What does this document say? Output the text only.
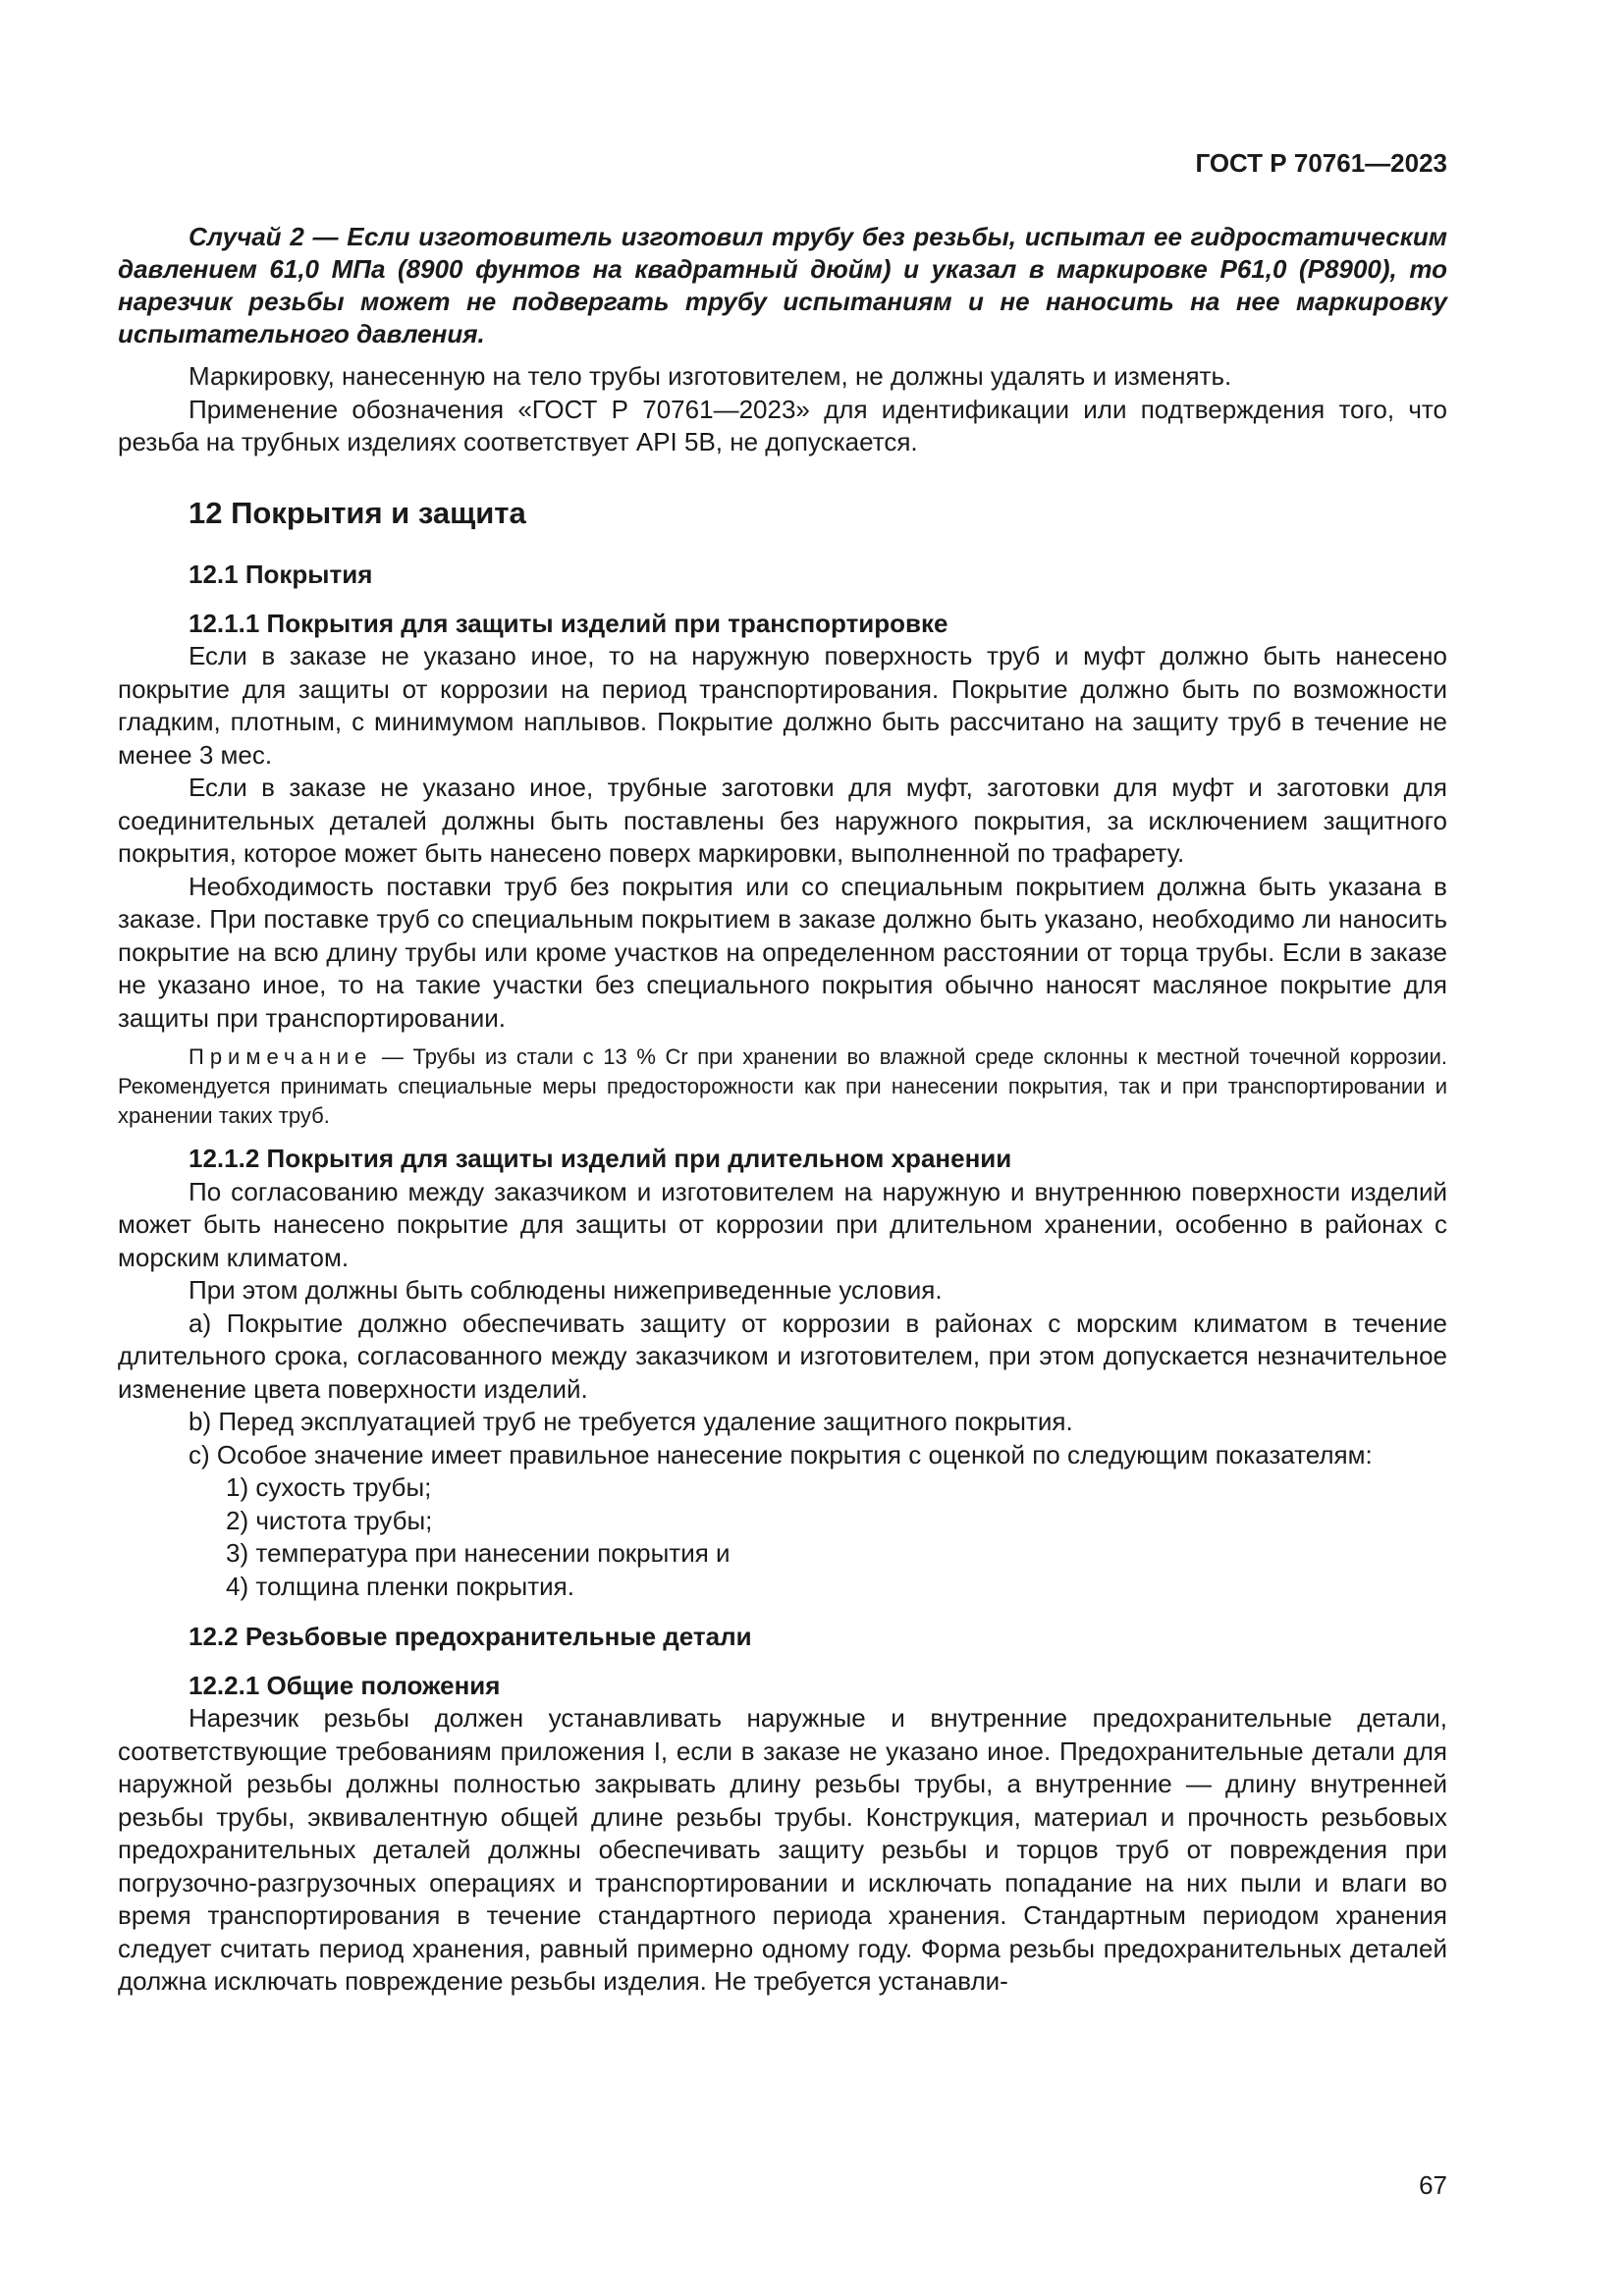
ГОСТ Р 70761—2023

Случай 2 — Если изготовитель изготовил трубу без резьбы, испытал ее гидростатическим давлением 61,0 МПа (8900 фунтов на квадратный дюйм) и указал в маркировке Р61,0 (P8900), то нарезчик резьбы может не подвергать трубу испытаниям и не наносить на нее маркировку испытательного давления.

Маркировку, нанесенную на тело трубы изготовителем, не должны удалять и изменять.

Применение обозначения «ГОСТ Р 70761—2023» для идентификации или подтверждения того, что резьба на трубных изделиях соответствует API 5B, не допускается.

12 Покрытия и защита
12.1 Покрытия
12.1.1 Покрытия для защиты изделий при транспортировке

Если в заказе не указано иное, то на наружную поверхность труб и муфт должно быть нанесено покрытие для защиты от коррозии на период транспортирования. Покрытие должно быть по возможности гладким, плотным, с минимумом наплывов. Покрытие должно быть рассчитано на защиту труб в течение не менее 3 мес.

Если в заказе не указано иное, трубные заготовки для муфт, заготовки для муфт и заготовки для соединительных деталей должны быть поставлены без наружного покрытия, за исключением защитного покрытия, которое может быть нанесено поверх маркировки, выполненной по трафарету.

Необходимость поставки труб без покрытия или со специальным покрытием должна быть указана в заказе. При поставке труб со специальным покрытием в заказе должно быть указано, необходимо ли наносить покрытие на всю длину трубы или кроме участков на определенном расстоянии от торца трубы. Если в заказе не указано иное, то на такие участки без специального покрытия обычно наносят масляное покрытие для защиты при транспортировании.

Примечание — Трубы из стали с 13 % Cr при хранении во влажной среде склонны к местной точечной коррозии. Рекомендуется принимать специальные меры предосторожности как при нанесении покрытия, так и при транспортировании и хранении таких труб.

12.1.2 Покрытия для защиты изделий при длительном хранении

По согласованию между заказчиком и изготовителем на наружную и внутреннюю поверхности изделий может быть нанесено покрытие для защиты от коррозии при длительном хранении, особенно в районах с морским климатом.

При этом должны быть соблюдены нижеприведенные условия.

a) Покрытие должно обеспечивать защиту от коррозии в районах с морским климатом в течение длительного срока, согласованного между заказчиком и изготовителем, при этом допускается незначительное изменение цвета поверхности изделий.

b) Перед эксплуатацией труб не требуется удаление защитного покрытия.

c) Особое значение имеет правильное нанесение покрытия с оценкой по следующим показателям:

1) сухость трубы;
2) чистота трубы;
3) температура при нанесении покрытия и
4) толщина пленки покрытия.
12.2 Резьбовые предохранительные детали
12.2.1 Общие положения

Нарезчик резьбы должен устанавливать наружные и внутренние предохранительные детали, соответствующие требованиям приложения I, если в заказе не указано иное. Предохранительные детали для наружной резьбы должны полностью закрывать длину резьбы трубы, а внутренние — длину внутренней резьбы трубы, эквивалентную общей длине резьбы трубы. Конструкция, материал и прочность резьбовых предохранительных деталей должны обеспечивать защиту резьбы и торцов труб от повреждения при погрузочно-разгрузочных операциях и транспортировании и исключать попадание на них пыли и влаги во время транспортирования в течение стандартного периода хранения. Стандартным периодом хранения следует считать период хранения, равный примерно одному году. Форма резьбы предохранительных деталей должна исключать повреждение резьбы изделия. Не требуется устанавли-

67
